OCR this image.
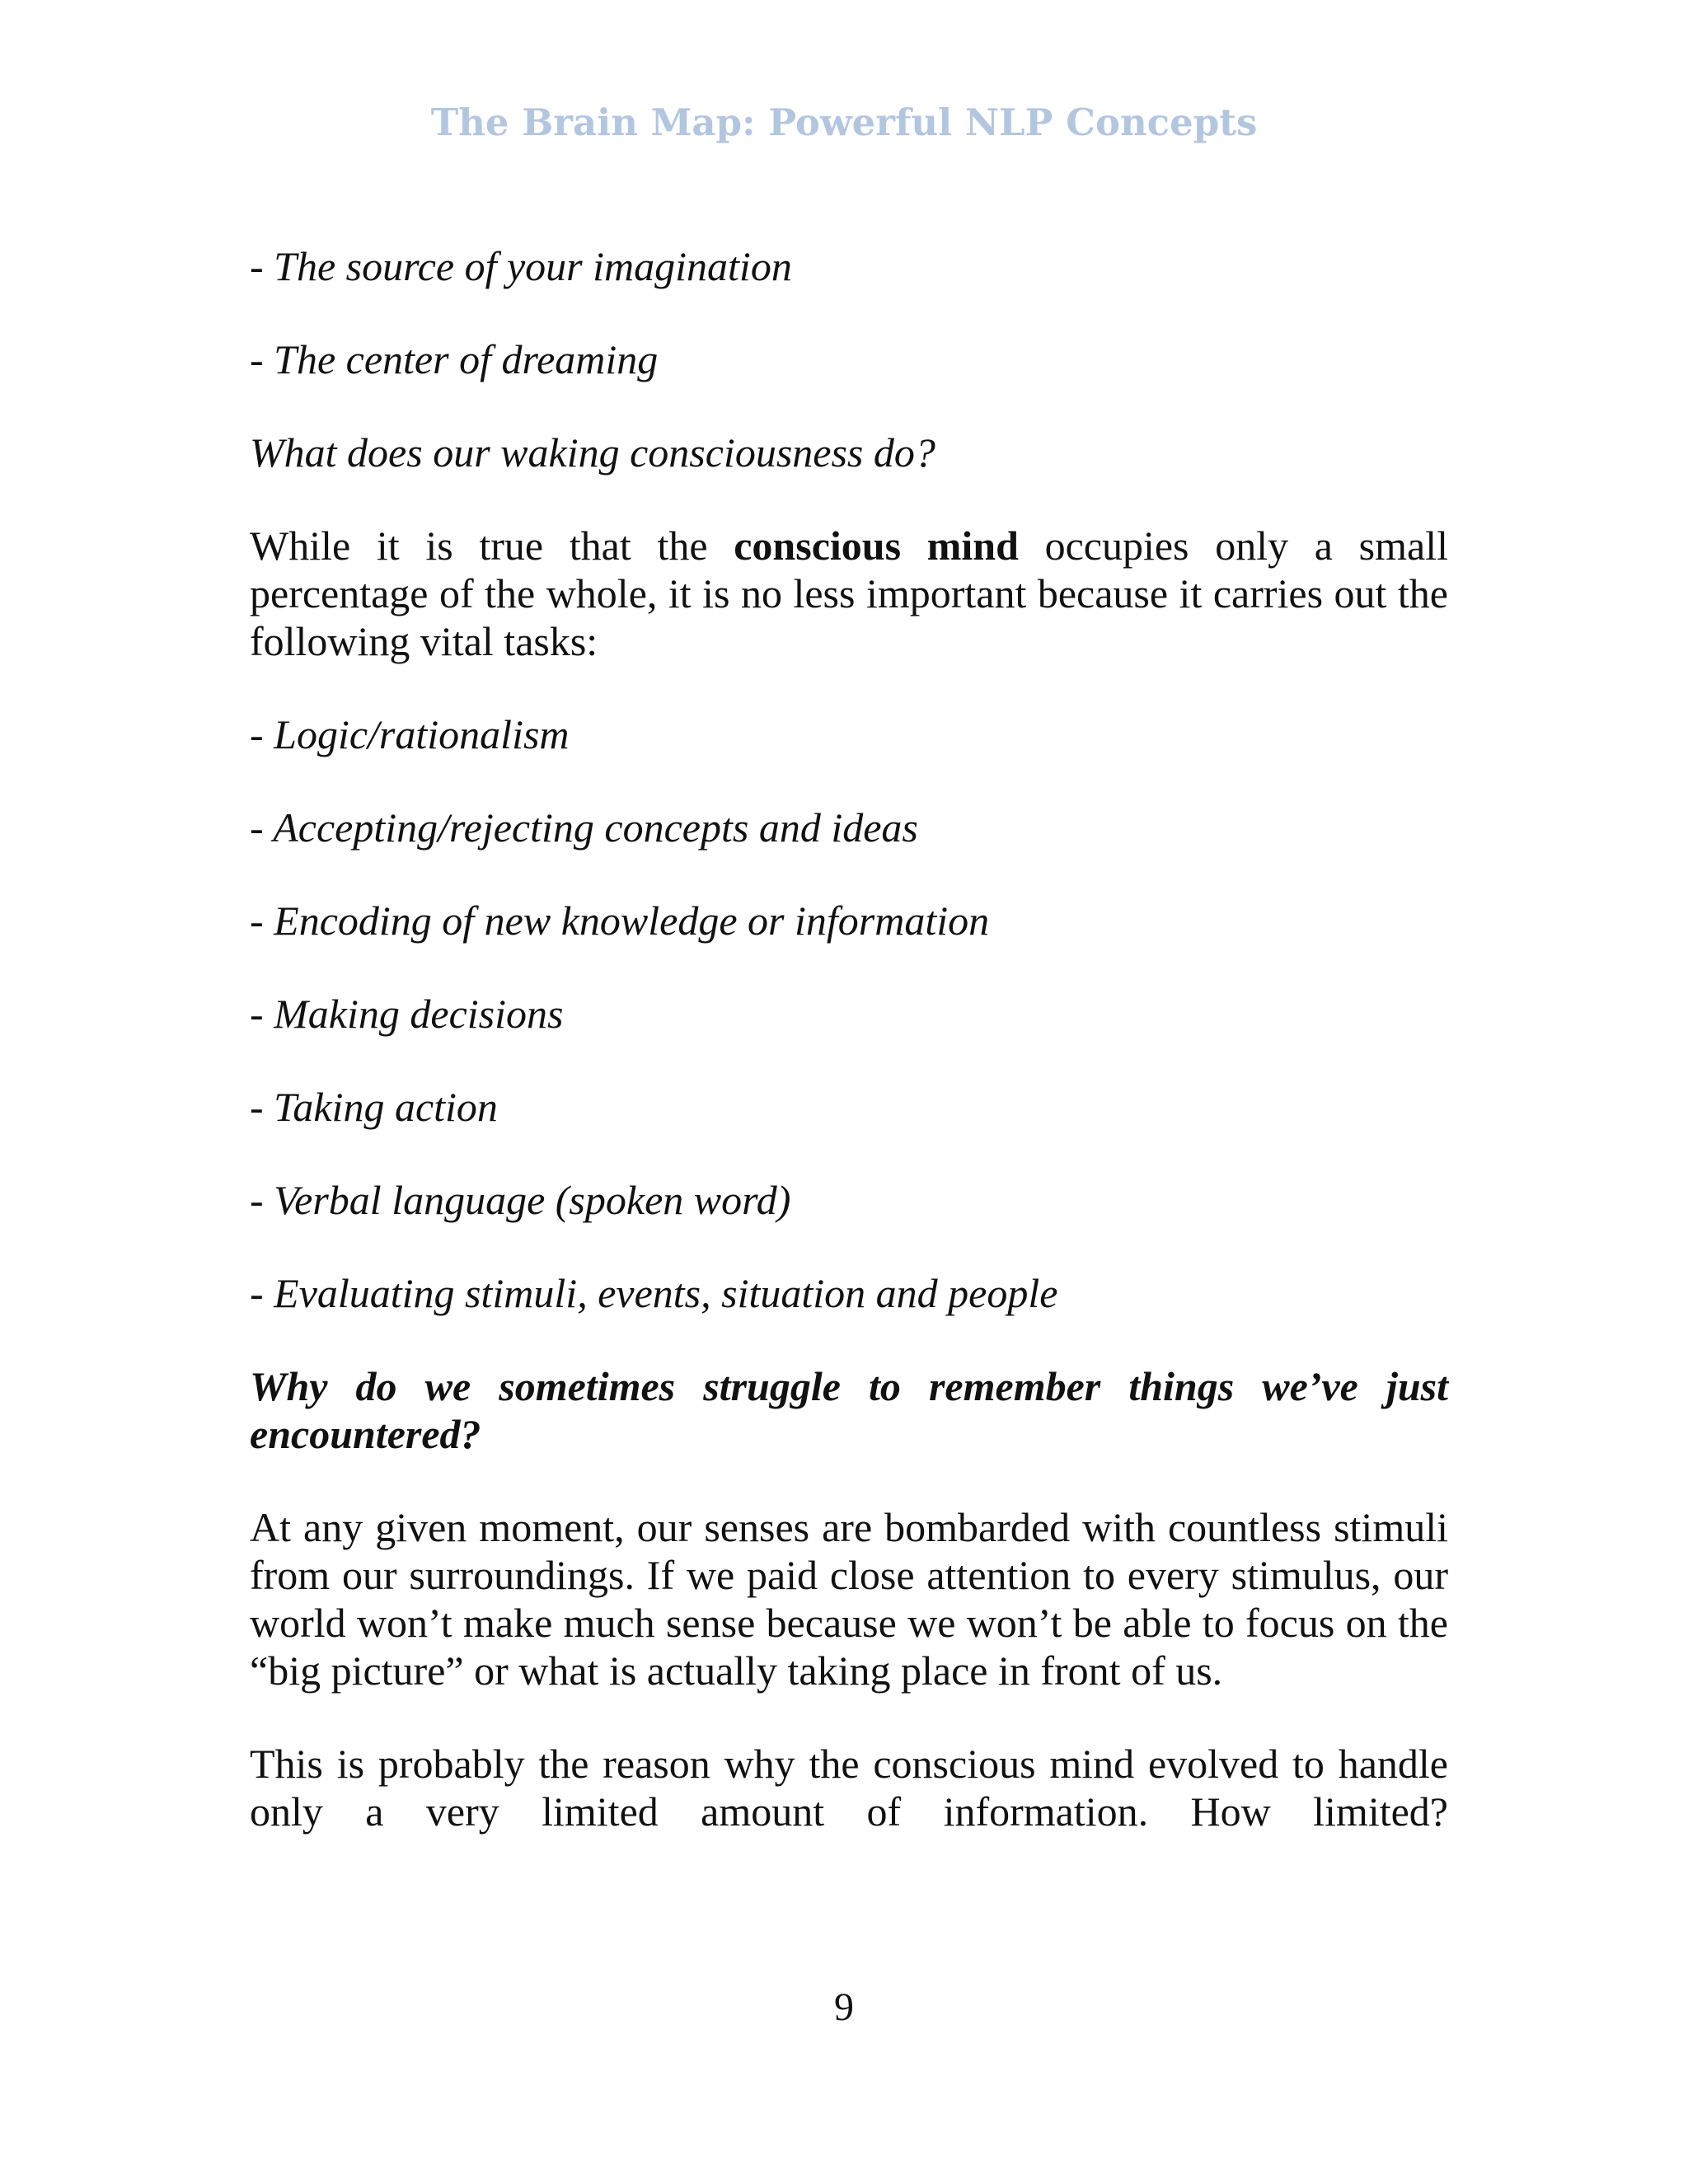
The Brain Map: Powerful NLP Concepts

- The source of your imagination

- The center of dreaming

What does our waking consciousness do?

While it is true that the conscious mind occupies only a small percentage of the whole, it is no less important because it carries out the following vital tasks:

- Logic/rationalism

- Accepting/rejecting concepts and ideas

- Encoding of new knowledge or information

- Making decisions

- Taking action

- Verbal language (spoken word)

- Evaluating stimuli, events, situation and people

Why do we sometimes struggle to remember things we’ve just encountered?

At any given moment, our senses are bombarded with countless stimuli from our surroundings. If we paid close attention to every stimulus, our world won’t make much sense because we won’t be able to focus on the “big picture” or what is actually taking place in front of us.

This is probably the reason why the conscious mind evolved to handle only a very limited amount of information. How limited?

9
